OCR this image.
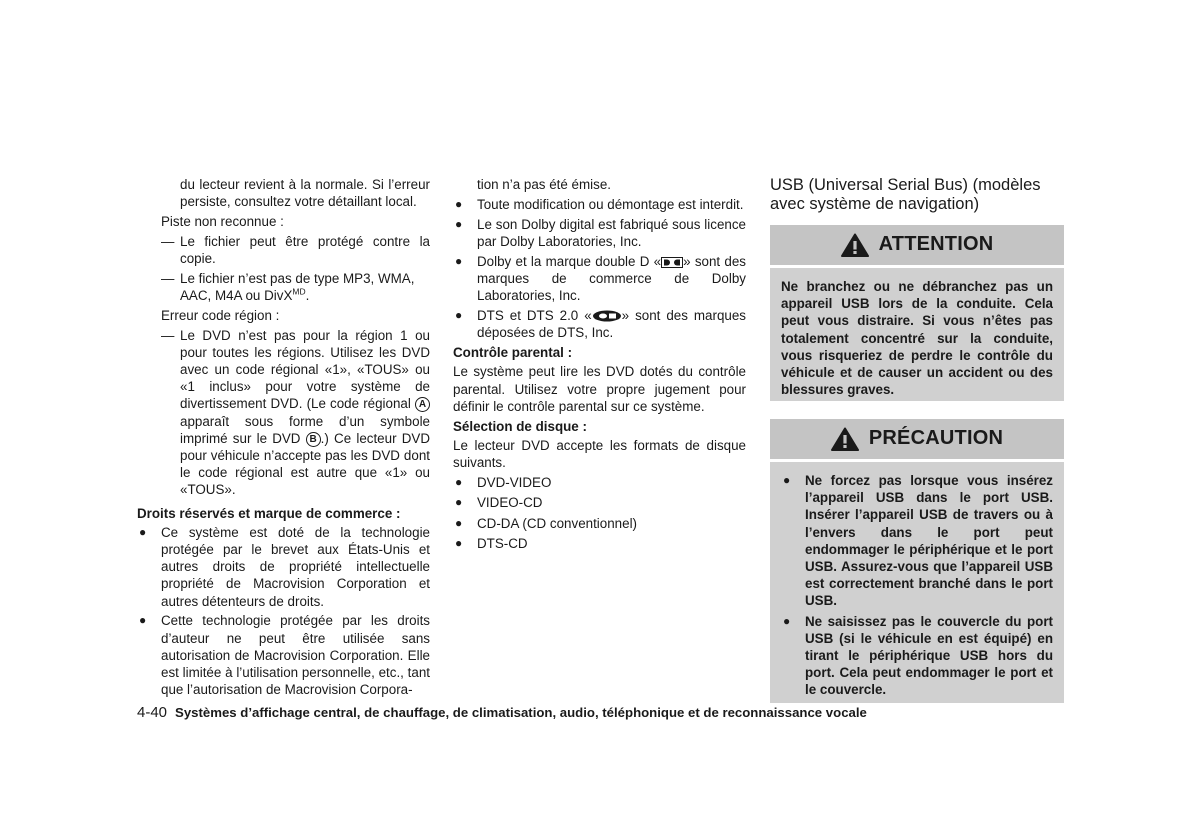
du lecteur revient à la normale. Si l’erreur persiste, consultez votre détaillant local.

Piste non reconnue :

— Le fichier peut être protégé contre la copie.
— Le fichier n’est pas de type MP3, WMA, AAC, M4A ou DivX$^{MD}$.

Erreur code région :

— Le DVD n’est pas pour la région 1 ou pour toutes les régions. Utilisez les DVD avec un code régional «1», «TOUS» ou «1 inclus» pour votre système de divertissement DVD. (Le code régional A apparaît sous forme d’un symbole imprimé sur le DVD B .) Ce lecteur DVD pour véhicule n’accepte pas les DVD dont le code régional est autre que «1» ou «TOUS».

Droits réservés et marque de commerce :

● Ce système est doté de la technologie protégée par le brevet aux États-Unis et autres droits de propriété intellectuelle propriété de Macrovision Corporation et autres détenteurs de droits.
● Cette technologie protégée par les droits d’auteur ne peut être utilisée sans autorisation de Macrovision Corporation. Elle est limitée à l’utilisation personnelle, etc., tant que l’autorisation de Macrovision Corpora-

tion n’a pas été émise.

● Toute modification ou démontage est interdit.
● Le son Dolby digital est fabriqué sous licence par Dolby Laboratories, Inc.
● Dolby et la marque double D « » sont des marques de commerce de Dolby Laboratories, Inc.
● DTS et DTS 2.0 « » sont des marques déposées de DTS, Inc.

Contrôle parental :

Le système peut lire les DVD dotés du contrôle parental. Utilisez votre propre jugement pour définir le contrôle parental sur ce système.

Sélection de disque :

Le lecteur DVD accepte les formats de disque suivants.

● DVD-VIDEO
● VIDEO-CD
● CD-DA (CD conventionnel)
● DTS-CD

USB (Universal Serial Bus) (modèles avec système de navigation)

ATTENTION
Ne branchez ou ne débranchez pas un appareil USB lors de la conduite. Cela peut vous distraire. Si vous n’êtes pas totalement concentré sur la conduite, vous risqueriez de perdre le contrôle du véhicule et de causer un accident ou des blessures graves.
PRÉCAUTION
● Ne forcez pas lorsque vous insérez l’appareil USB dans le port USB. Insérer l’appareil USB de travers ou à l’envers dans le port peut endommager le périphérique et le port USB. Assurez-vous que l’appareil USB est correctement branché dans le port USB.
● Ne saisissez pas le couvercle du port USB (si le véhicule en est équipé) en tirant le périphérique USB hors du port. Cela peut endommager le port et le couvercle.
4-40 Systèmes d’affichage central, de chauffage, de climatisation, audio, téléphonique et de reconnaissance vocale
